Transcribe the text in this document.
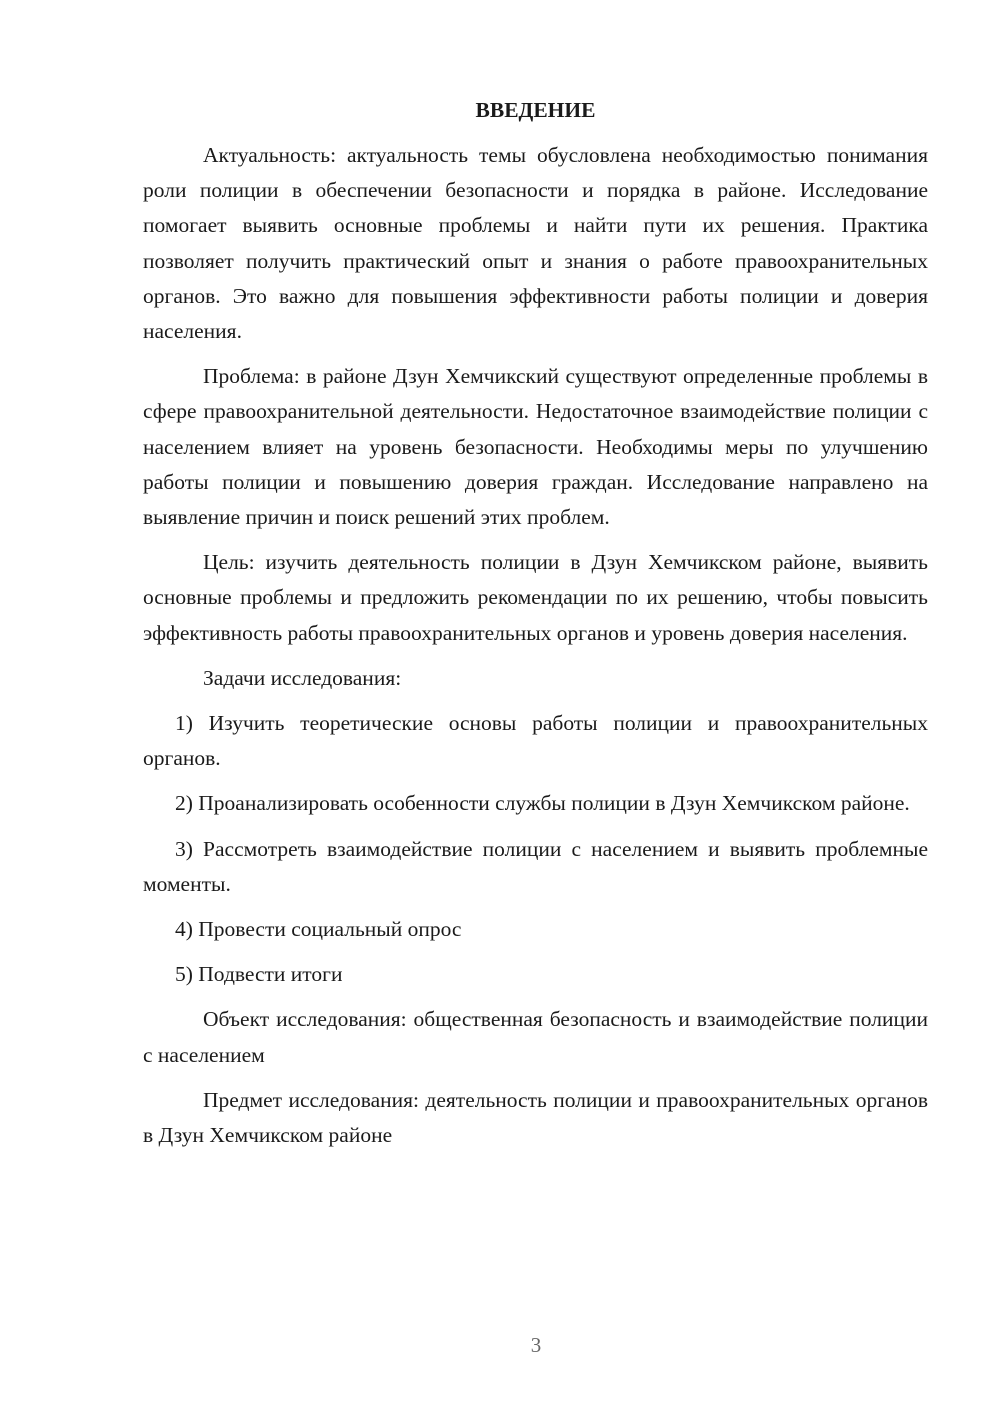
ВВЕДЕНИЕ

Актуальность: актуальность темы обусловлена необходимостью понимания роли полиции в обеспечении безопасности и порядка в районе. Исследование помогает выявить основные проблемы и найти пути их решения. Практика позволяет получить практический опыт и знания о работе правоохранительных органов. Это важно для повышения эффективности работы полиции и доверия населения.

Проблема: в районе Дзун Хемчикский существуют определенные проблемы в сфере правоохранительной деятельности. Недостаточное взаимодействие полиции с населением влияет на уровень безопасности. Необходимы меры по улучшению работы полиции и повышению доверия граждан. Исследование направлено на выявление причин и поиск решений этих проблем.

Цель: изучить деятельность полиции в Дзун Хемчикском районе, выявить основные проблемы и предложить рекомендации по их решению, чтобы повысить эффективность работы правоохранительных органов и уровень доверия населения.

Задачи исследования:

1) Изучить теоретические основы работы полиции и правоохранительных органов.

2) Проанализировать особенности службы полиции в Дзун Хемчикском районе.

3) Рассмотреть взаимодействие полиции с населением и выявить проблемные моменты.

4) Провести социальный опрос

5) Подвести итоги

Объект исследования: общественная безопасность и взаимодействие полиции с населением

Предмет исследования: деятельность полиции и правоохранительных органов в Дзун Хемчикском районе

3
